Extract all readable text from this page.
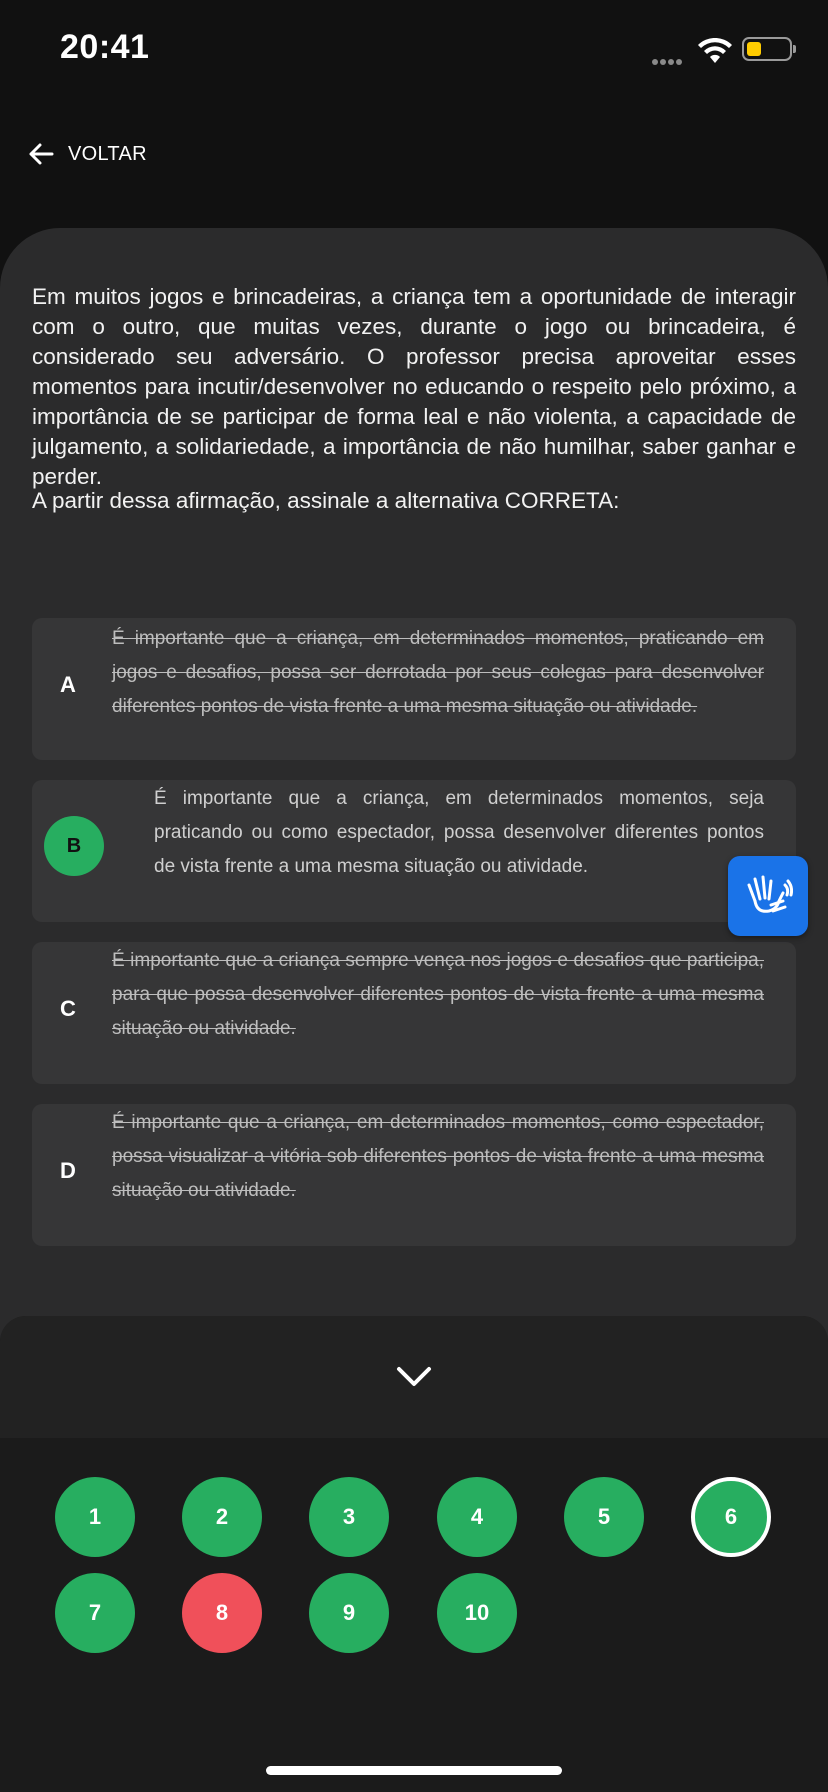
20:41
VOLTAR
Em muitos jogos e brincadeiras, a criança tem a oportunidade de interagir com o outro, que muitas vezes, durante o jogo ou brincadeira, é considerado seu adversário. O professor precisa aproveitar esses momentos para incutir/desenvolver no educando o respeito pelo próximo, a importância de se participar de forma leal e não violenta, a capacidade de julgamento, a solidariedade, a importância de não humilhar, saber ganhar e perder.
A partir dessa afirmação, assinale a alternativa CORRETA:
A
É importante que a criança, em determinados momentos, praticando em jogos e desafios, possa ser derrotada por seus colegas para desenvolver diferentes pontos de vista frente a uma mesma situação ou atividade.
B
É importante que a criança, em determinados momentos, seja praticando ou como espectador, possa desenvolver diferentes pontos de vista frente a uma mesma situação ou atividade.
C
É importante que a criança sempre vença nos jogos e desafios que participa, para que possa desenvolver diferentes pontos de vista frente a uma mesma situação ou atividade.
D
É importante que a criança, em determinados momentos, como espectador, possa visualizar a vitória sob diferentes pontos de vista frente a uma mesma situação ou atividade.
1	2	3	4	5	6
7	8	9	10
